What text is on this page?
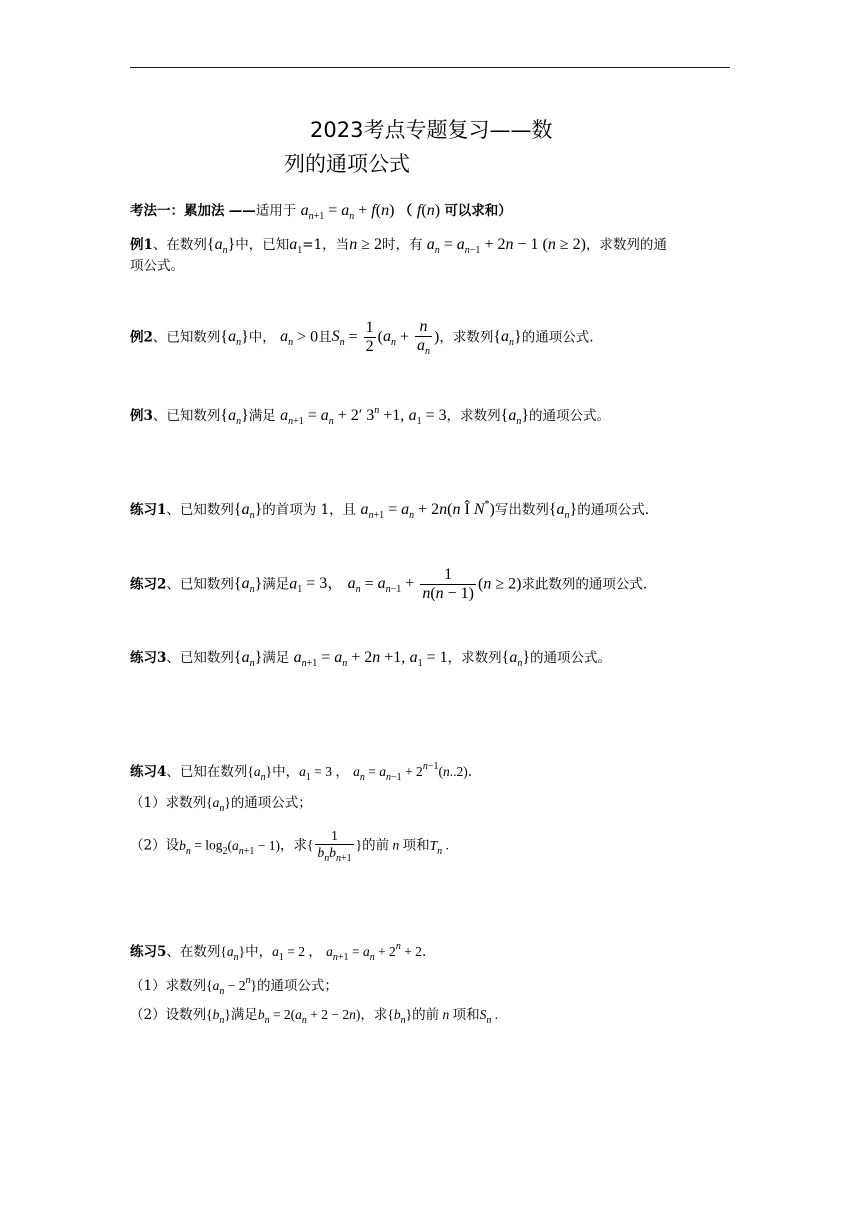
2023考点专题复习——数
列的通项公式
考法一：累加法 ——适用于 $a_{n+1} = a_n + f(n)$ （ f(n) 可以求和）
例1、在数列$\{a_n\}$中，已知$a_1=1$，当n ≥ 2时，有 $a_n = a_{n-1} + 2n - 1$ (n ≥ 2)，求数列的通
项公式。
例2、已知数列$\{a_n\}$中， $a_n > 0$且$S_n = \frac{1}{2} (a_n + \frac{n}{a_n}$ )，求数列$\{a_n\}$的通项公式.
例3、已知数列$\{a_n\}$满足 $a_{n+1} = a_n + 2'$ $3^n +1$, $a_1 = 3$，求数列$\{a_n\}$的通项公式。
练习1、已知数列$\{a_n\}$的首项为 1，且 $a_{n+1} = a_n + 2n(n$ Î N*)写出数列$\{a_n\}$的通项公式.
练习2、已知数列$\{a_n\}$满足$a_1 = 3$， $a_n = a_{n-1} + \frac{1}{n(n - 1)} (n \ge 2)$求此数列的通项公式.
练习3、已知数列$\{a_n\}$满足 $a_{n+1} = a_n + 2n +1$, $a_1 = 1$，求数列$\{a_n\}$的通项公式。
练习4、已知在数列$\{a_n\}$中，$a_1 = 3$ ， $a_n = a_{n-1} + 2^{n-1}(n..2)$.
（1）求数列$\{a_n\}$的通项公式；
（2）设$b_n = \log_2(a_{n+1} - 1)$，求{ $\frac{1}{b_nb_{n+1}}$ }的前 n 项和$T_n$ .
练习5、在数列$\{a_n\}$中，$a_1 = 2$ ， $a_{n+1} = a_n + 2^n + 2$.
（1）求数列$\{a_n - 2^n\}$的通项公式；
（2）设数列$\{b_n\}$满足$b_n = 2(a_n + 2 - 2n)$，求$\{b_n\}$的前 n 项和$S_n$ .
